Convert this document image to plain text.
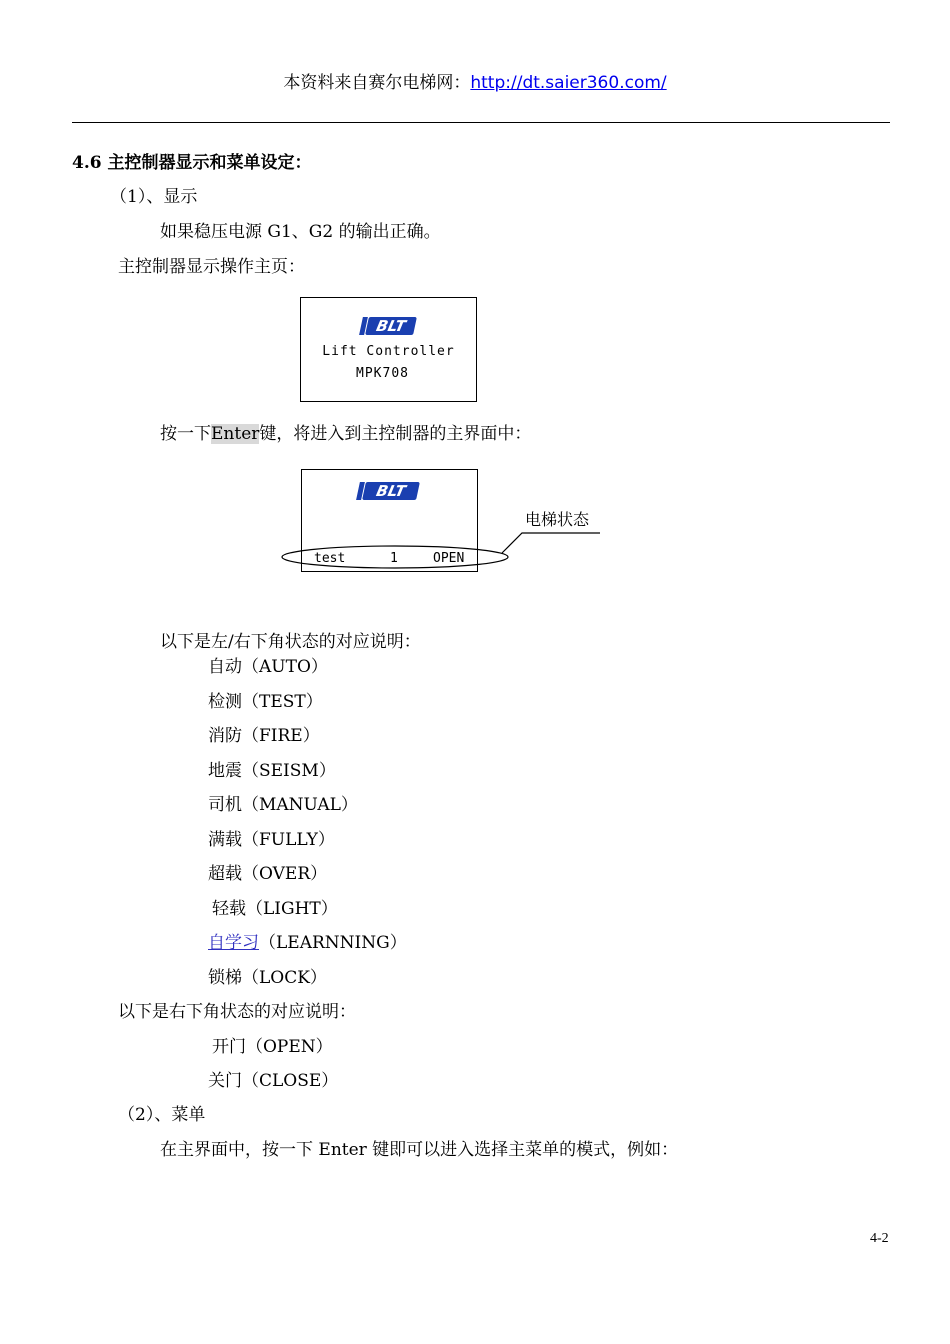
本资料来自赛尔电梯网：http://dt.saier360.com/
4.6 主控制器显示和菜单设定：
（1）、显示
如果稳压电源 G1、G2 的输出正确。
主控制器显示操作主页：
BLT
Lift Controller
MPK708
按一下Enter键，将进入到主控制器的主界面中：
BLT
test	1	OPEN
电梯状态
以下是左/右下角状态的对应说明：
自动（AUTO）
检测（TEST）
消防（FIRE）
地震（SEISM）
司机（MANUAL）
满载（FULLY）
超载（OVER）
轻载（LIGHT）
自学习（LEARNNING）
锁梯（LOCK）
以下是右下角状态的对应说明：
开门（OPEN）
关门（CLOSE）
（2）、菜单
在主界面中，按一下 Enter 键即可以进入选择主菜单的模式，例如：
4-2
